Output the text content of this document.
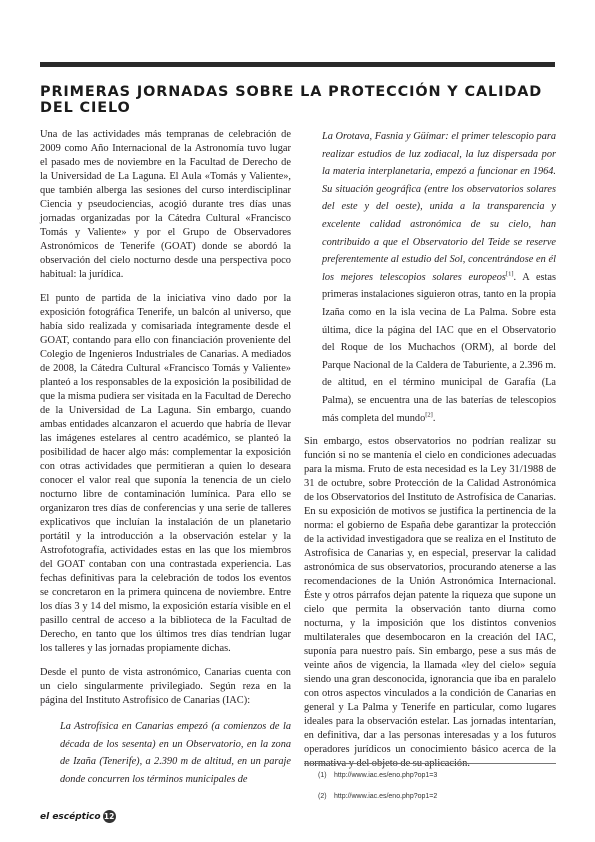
PRIMERAS JORNADAS SOBRE LA PROTECCIÓN Y CALIDAD DEL CIELO

Una de las actividades más tempranas de celebración de 2009 como Año Internacional de la Astronomía tuvo lugar el pasado mes de noviembre en la Facultad de Derecho de la Universidad de La Laguna. El Aula «Tomás y Valiente», que también alberga las sesiones del curso interdisciplinar Ciencia y pseudociencias, acogió durante tres días unas jornadas organizadas por la Cátedra Cultural «Francisco Tomás y Valiente» y por el Grupo de Observadores Astronómicos de Tenerife (GOAT) donde se abordó la observación del cielo nocturno desde una perspectiva poco habitual: la jurídica.

El punto de partida de la iniciativa vino dado por la exposición fotográfica Tenerife, un balcón al universo, que había sido realizada y comisariada íntegramente desde el GOAT, contando para ello con financiación proveniente del Colegio de Ingenieros Industriales de Canarias. A mediados de 2008, la Cátedra Cultural «Francisco Tomás y Valiente» planteó a los responsables de la exposición la posibilidad de que la misma pudiera ser visitada en la Facultad de Derecho de la Universidad de La Laguna. Sin embargo, cuando ambas entidades alcanzaron el acuerdo que habría de llevar las imágenes estelares al centro académico, se planteó la posibilidad de hacer algo más: complementar la exposición con otras actividades que permitieran a quien lo deseara conocer el valor real que suponía la tenencia de un cielo nocturno libre de contaminación lumínica. Para ello se organizaron tres días de conferencias y una serie de talleres explicativos que incluían la instalación de un planetario portátil y la introducción a la observación estelar y la Astrofotografía, actividades estas en las que los miembros del GOAT contaban con una contrastada experiencia. Las fechas definitivas para la celebración de todos los eventos se concretaron en la primera quincena de noviembre. Entre los días 3 y 14 del mismo, la exposición estaría visible en el pasillo central de acceso a la biblioteca de la Facultad de Derecho, en tanto que los últimos tres días tendrían lugar los talleres y las jornadas propiamente dichas.

Desde el punto de vista astronómico, Canarias cuenta con un cielo singularmente privilegiado. Según reza en la página del Instituto Astrofísico de Canarias (IAC):

La Astrofísica en Canarias empezó (a comienzos de la década de los sesenta) en un Observatorio, en la zona de Izaña (Tenerife), a 2.390 m de altitud, en un paraje donde concurren los términos municipales de
La Orotava, Fasnia y Güímar: el primer telescopio para realizar estudios de luz zodiacal, la luz dispersada por la materia interplanetaria, empezó a funcionar en 1964. Su situación geográfica (entre los observatorios solares del este y del oeste), unida a la transparencia y excelente calidad astronómica de su cielo, han contribuido a que el Observatorio del Teide se reserve preferentemente al estudio del Sol, concentrándose en él los mejores telescopios solares europeos[1]. A estas primeras instalaciones siguieron otras, tanto en la propia Izaña como en la isla vecina de La Palma. Sobre esta última, dice la página del IAC que en el Observatorio del Roque de los Muchachos (ORM), al borde del Parque Nacional de la Caldera de Taburiente, a 2.396 m. de altitud, en el término municipal de Garafía (La Palma), se encuentra una de las baterías de telescopios más completa del mundo[2].

Sin embargo, estos observatorios no podrían realizar su función si no se mantenía el cielo en condiciones adecuadas para la misma. Fruto de esta necesidad es la Ley 31/1988 de 31 de octubre, sobre Protección de la Calidad Astronómica de los Observatorios del Instituto de Astrofísica de Canarias. En su exposición de motivos se justifica la pertinencia de la norma: el gobierno de España debe garantizar la protección de la actividad investigadora que se realiza en el Instituto de Astrofísica de Canarias y, en especial, preservar la calidad astronómica de sus observatorios, procurando atenerse a las recomendaciones de la Unión Astronómica Internacional. Éste y otros párrafos dejan patente la riqueza que supone un cielo que permita la observación tanto diurna como nocturna, y la imposición que los distintos convenios multilaterales que desembocaron en la creación del IAC, suponía para nuestro país. Sin embargo, pese a sus más de veinte años de vigencia, la llamada «ley del cielo» seguía siendo una gran desconocida, ignorancia que iba en paralelo con otros aspectos vinculados a la condición de Canarias en general y La Palma y Tenerife en particular, como lugares ideales para la observación estelar. Las jornadas intentarían, en definitiva, dar a las personas interesadas y a los futuros operadores jurídicos un conocimiento básico acerca de la normativa y del objeto de su aplicación.

(1) http://www.iac.es/eno.php?op1=3
(2) http://www.iac.es/eno.php?op1=2
el escéptico 12
